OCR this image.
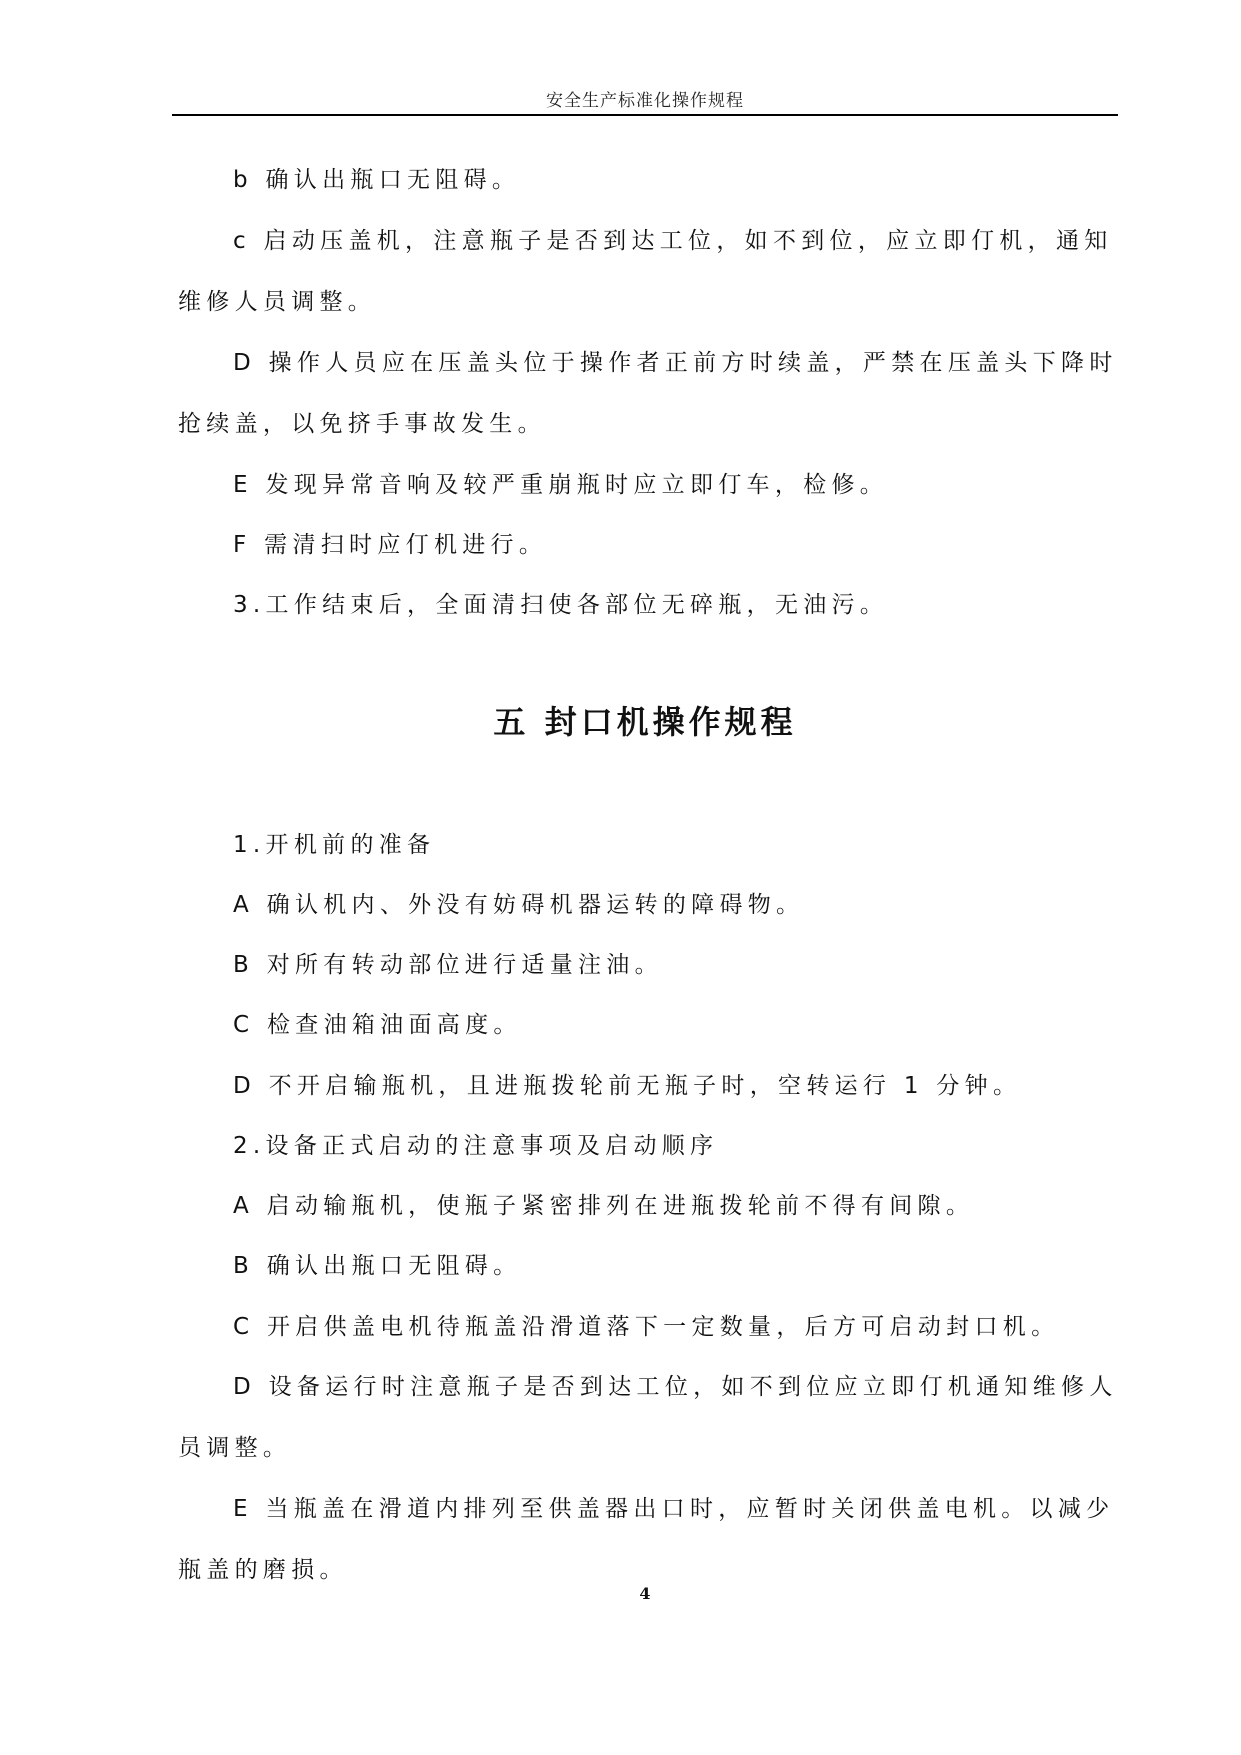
安全生产标准化操作规程
b 确认出瓶口无阻碍。
c 启动压盖机，注意瓶子是否到达工位，如不到位，应立即仃机，通知
维修人员调整。
D 操作人员应在压盖头位于操作者正前方时续盖，严禁在压盖头下降时
抢续盖，以免挤手事故发生。
E 发现异常音响及较严重崩瓶时应立即仃车，检修。
F 需清扫时应仃机进行。
3.工作结束后，全面清扫使各部位无碎瓶，无油污。
五 封口机操作规程
1.开机前的准备
A 确认机内、外没有妨碍机器运转的障碍物。
B 对所有转动部位进行适量注油。
C 检查油箱油面高度。
D 不开启输瓶机，且进瓶拨轮前无瓶子时，空转运行 1 分钟。
2.设备正式启动的注意事项及启动顺序
A 启动输瓶机，使瓶子紧密排列在进瓶拨轮前不得有间隙。
B 确认出瓶口无阻碍。
C 开启供盖电机待瓶盖沿滑道落下一定数量，后方可启动封口机。
D 设备运行时注意瓶子是否到达工位，如不到位应立即仃机通知维修人
员调整。
E 当瓶盖在滑道内排列至供盖器出口时，应暂时关闭供盖电机。以减少
瓶盖的磨损。
4
